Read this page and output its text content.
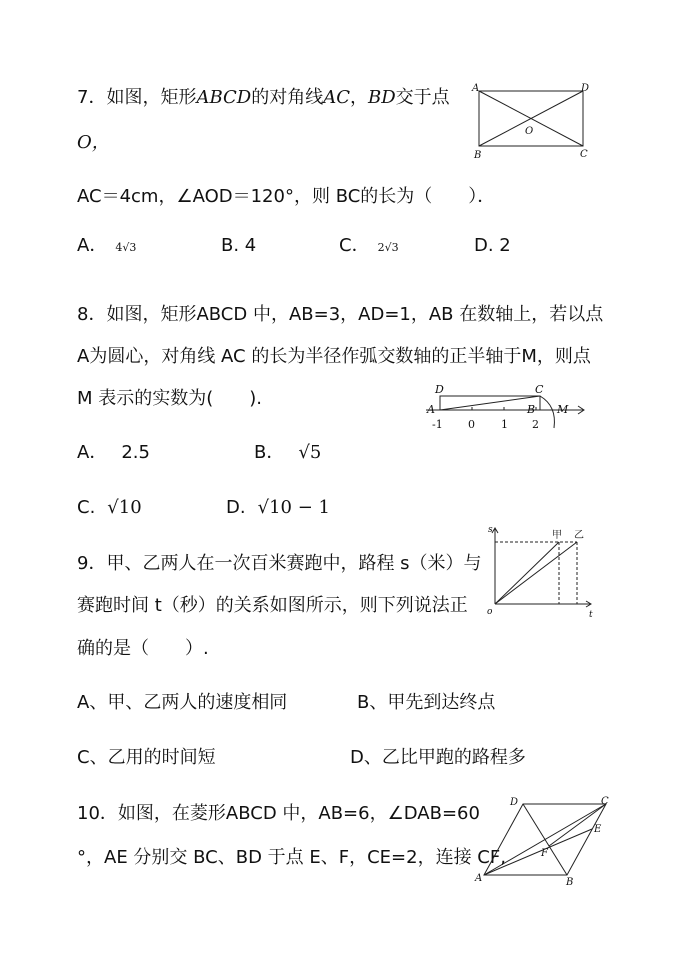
7．如图，矩形ABCD的对角线AC，BD交于点
O，
A	D
B	C
O
AC＝4cm，∠AOD＝120°，则 BC的长为（　　）．
A． 4√3	B. 4	C． 2√3	D. 2
8．如图，矩形ABCD 中，AB=3，AD=1，AB 在数轴上，若以点
A为圆心，对角线 AC 的长为半径作弧交数轴的正半轴于M，则点
M 表示的实数为(　　).	D	C
A	B M
-1 0 1 2
A． 2.5	B． √5
C. √10	D. √10 − 1
9．甲、乙两人在一次百米赛跑中，路程 s（米）与
赛跑时间 t（秒）的关系如图所示，则下列说法正
确的是（　　）.
s
t
o
甲 乙
A、甲、乙两人的速度相同	B、甲先到达终点
C、乙用的时间短	D、乙比甲跑的路程多
10．如图，在菱形ABCD 中，AB=6，∠DAB=60
°，AE 分别交 BC、BD 于点 E、F，CE=2，连接 CF,
A	B
C
D
E
F
